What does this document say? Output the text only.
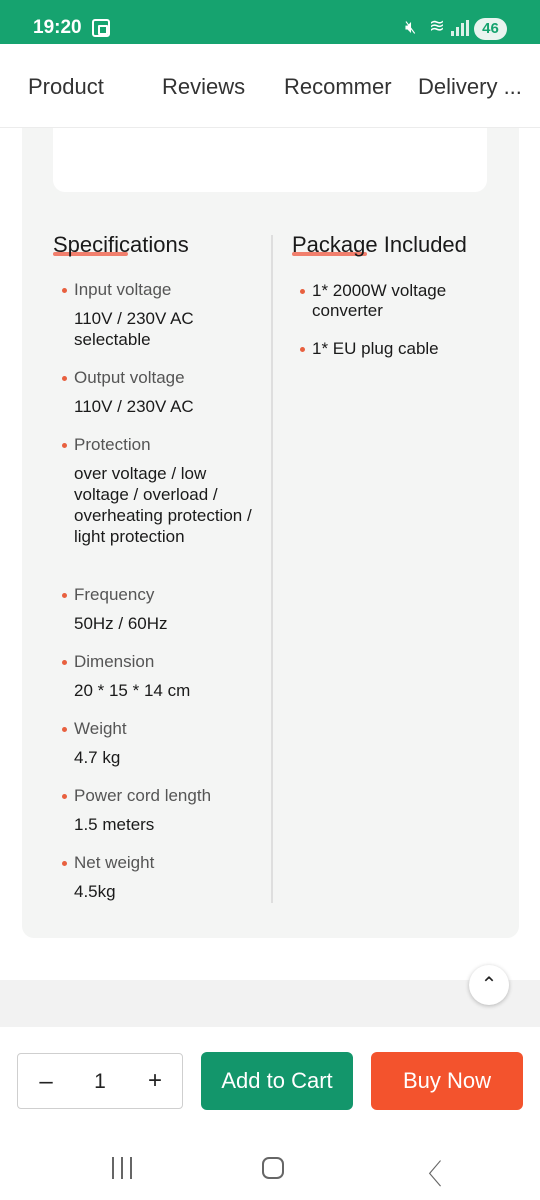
19:20	🔇︎ ≋	46
Product	Reviews Recommer Delivery ...
Specifications	Package Included
Input voltage
110V / 230V AC selectable
Output voltage
110V / 230V AC
Protection
over voltage / low voltage / overload / overheating protection / light protection
Frequency
50Hz / 60Hz
Dimension
20 * 15 * 14 cm
Weight
4.7 kg
Power cord length
1.5 meters
Net weight
4.5kg
1* 2000W voltage converter
1* EU plug cable
⌃
– 1 +	Add to Cart	Buy Now
〈
